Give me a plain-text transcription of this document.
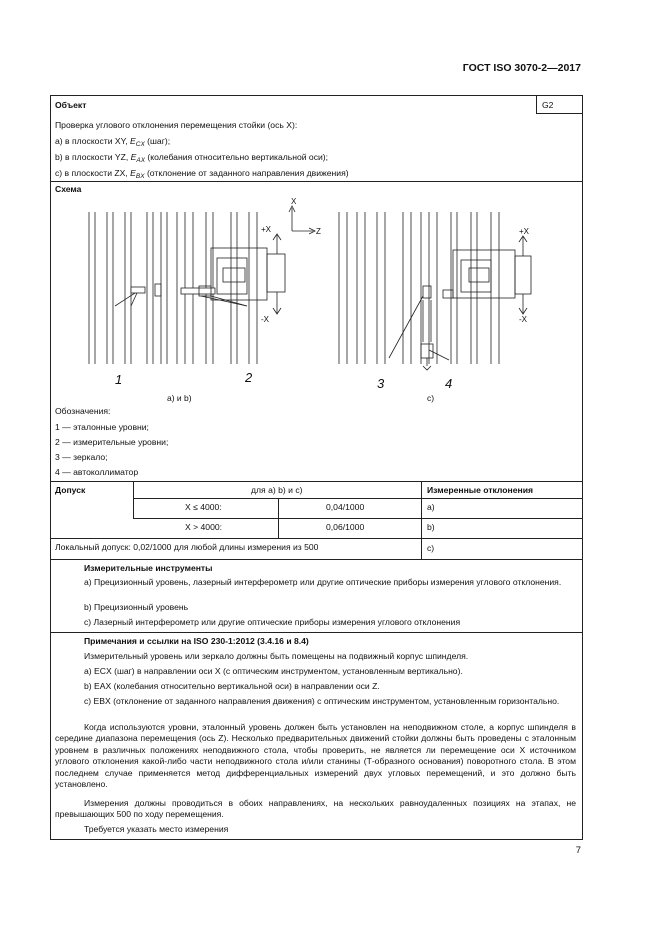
ГОСТ ISO 3070-2—2017
Объект	G2
Проверка углового отклонения перемещения стойки (ось X):
a) в плоскости XY, $E_{CX}$ (шаг);
b) в плоскости YZ, $E_{AX}$ (колебания относительно вертикальной оси);
c) в плоскости ZX, $E_{BX}$ (отклонение от заданного направления движения)
Схема
X
Z
+X
-X
+X
-X
1	2	3	4
а) и b)	c)
Обозначения:
1 — эталонные уровни;
2 — измерительные уровни;
3 — зеркало;
4 — автоколлиматор
Допуск	для a) b) и c)	Измеренные отклонения
X ≤ 4000:	0,04/1000	a)
X > 4000:	0,06/1000	b)
Локальный допуск: 0,02/1000 для любой длины измерения из 500	c)
Измерительные инструменты
a) Прецизионный уровень, лазерный интерферометр или другие оптические приборы измерения углового отклонения.
b) Прецизионный уровень
c) Лазерный интерферометр или другие оптические приборы измерения углового отклонения
Примечания и ссылки на ISO 230-1:2012 (3.4.16 и 8.4)
Измерительный уровень или зеркало должны быть помещены на подвижный корпус шпинделя.
a) ECX (шаг) в направлении оси X (с оптическим инструментом, установленным вертикально).
b) EAX (колебания относительно вертикальной оси) в направлении оси Z.
c) EBX (отклонение от заданного направления движения) с оптическим инструментом, установленным горизонтально.
Когда используются уровни, эталонный уровень должен быть установлен на неподвижном столе, а корпус шпинделя в середине диапазона перемещения (ось Z). Несколько предварительных движений стойки должны быть проведены с эталонным уровнем в различных положениях неподвижного стола, чтобы проверить, не является ли перемещение оси X источником углового отклонения какой-либо части неподвижного стола и/или станины (Т-образного основания) поворотного стола. В этом последнем случае применяется метод дифференциальных измерений двух угловых перемещений, и это должно быть установлено.
Измерения должны проводиться в обоих направлениях, на нескольких равноудаленных позициях на этапах, не превышающих 500 по ходу перемещения.
Требуется указать место измерения
7
